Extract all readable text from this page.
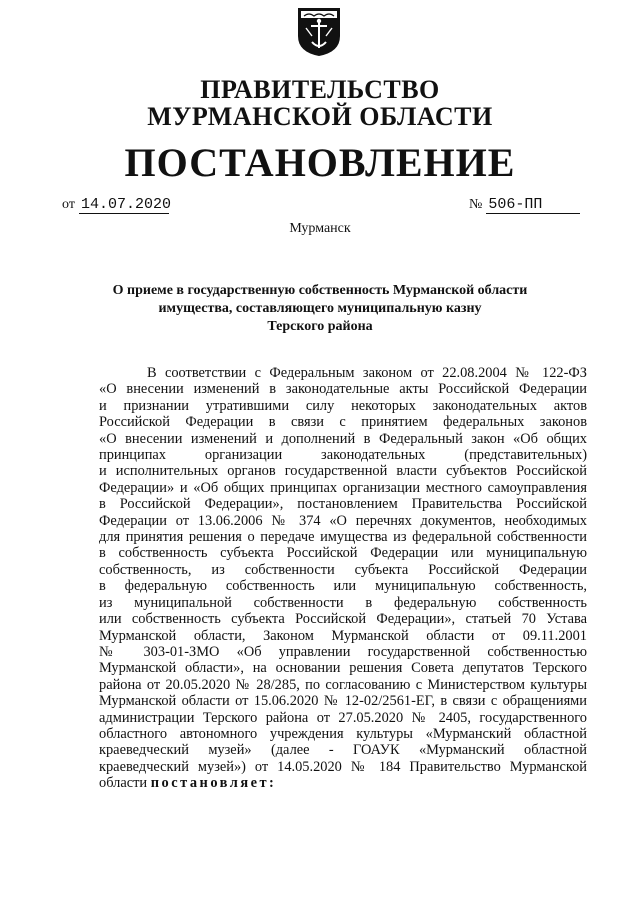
ПРАВИТЕЛЬСТВО
МУРМАНСКОЙ ОБЛАСТИ
ПОСТАНОВЛЕНИЕ
от 14.07.2020	№ 506-ПП
Мурманск
О приеме в государственную собственность Мурманской области
имущества, составляющего муниципальную казну
Терского района
В соответствии с Федеральным законом от 22.08.2004 № 122-ФЗ
«О внесении изменений в законодательные акты Российской Федерации
и признании утратившими силу некоторых законодательных актов
Российской Федерации в связи с принятием федеральных законов
«О внесении изменений и дополнений в Федеральный закон «Об общих
принципах организации законодательных (представительных)
и исполнительных органов государственной власти субъектов Российской
Федерации» и «Об общих принципах организации местного самоуправления
в Российской Федерации», постановлением Правительства Российской
Федерации от 13.06.2006 № 374 «О перечнях документов, необходимых
для принятия решения о передаче имущества из федеральной собственности
в собственность субъекта Российской Федерации или муниципальную
собственность, из собственности субъекта Российской Федерации
в федеральную собственность или муниципальную собственность,
из муниципальной собственности в федеральную собственность
или собственность субъекта Российской Федерации», статьей 70 Устава
Мурманской области, Законом Мурманской области от 09.11.2001
№ 303-01-ЗМО «Об управлении государственной собственностью
Мурманской области», на основании решения Совета депутатов Терского
района от 20.05.2020 № 28/285, по согласованию с Министерством культуры
Мурманской области от 15.06.2020 № 12-02/2561-ЕГ, в связи с обращениями
администрации Терского района от 27.05.2020 № 2405, государственного
областного автономного учреждения культуры «Мурманский областной
краеведческий музей» (далее - ГОАУК «Мурманский областной
краеведческий музей») от 14.05.2020 № 184 Правительство Мурманской
области постановляет:
